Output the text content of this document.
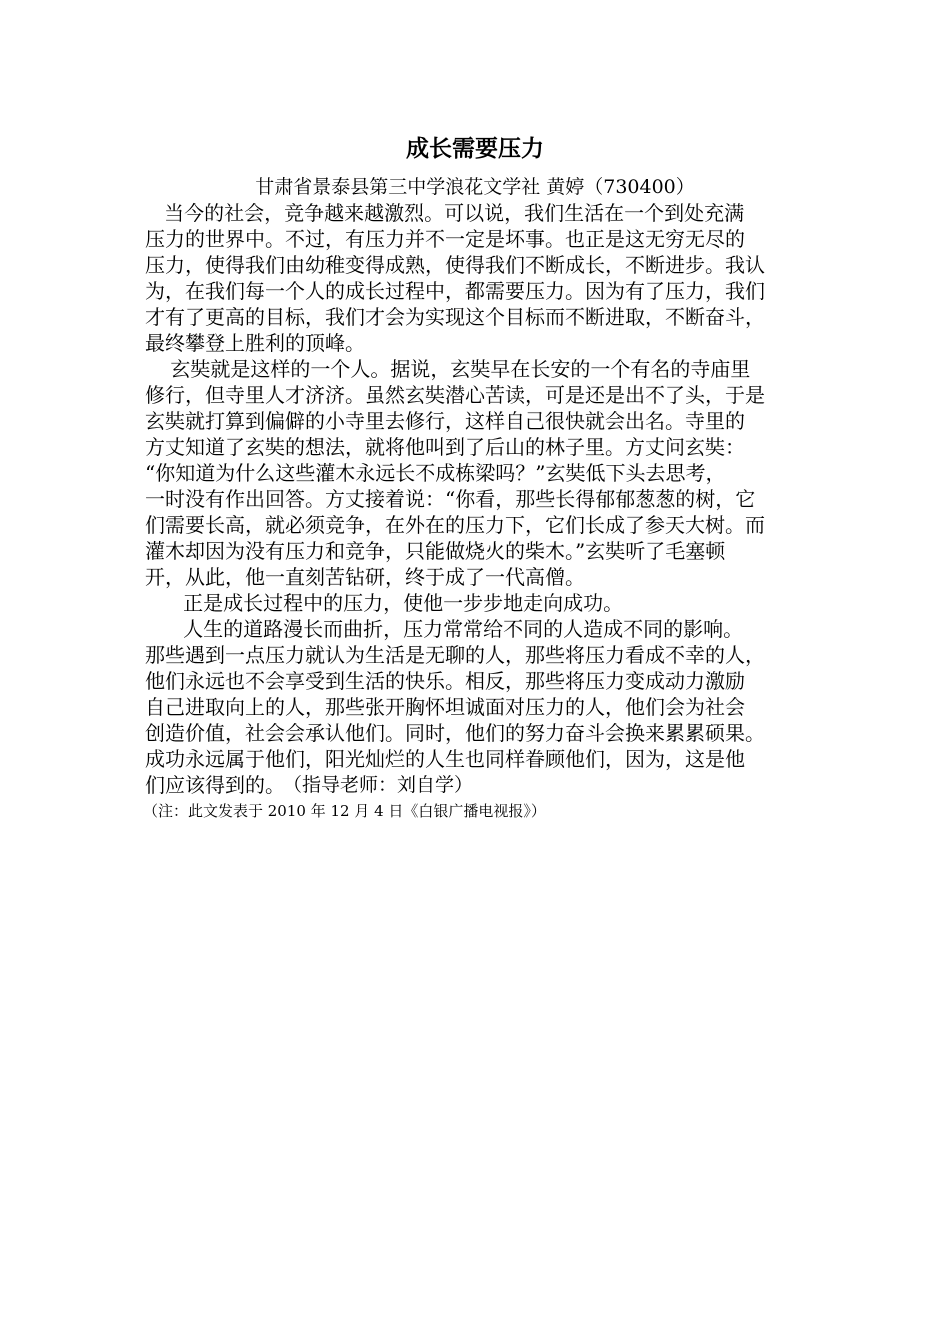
成长需要压力
甘肃省景泰县第三中学浪花文学社 黄婷（730400）
当今的社会，竞争越来越激烈。可以说，我们生活在一个到处充满
压力的世界中。不过，有压力并不一定是坏事。也正是这无穷无尽的
压力，使得我们由幼稚变得成熟，使得我们不断成长，不断进步。我认
为，在我们每一个人的成长过程中，都需要压力。因为有了压力，我们
才有了更高的目标，我们才会为实现这个目标而不断进取，不断奋斗，
最终攀登上胜利的顶峰。
玄奘就是这样的一个人。据说，玄奘早在长安的一个有名的寺庙里
修行，但寺里人才济济。虽然玄奘潜心苦读，可是还是出不了头，于是
玄奘就打算到偏僻的小寺里去修行，这样自己很快就会出名。寺里的
方丈知道了玄奘的想法，就将他叫到了后山的林子里。方丈问玄奘：
“你知道为什么这些灌木永远长不成栋梁吗？”玄奘低下头去思考，
一时没有作出回答。方丈接着说：“你看，那些长得郁郁葱葱的树，它
们需要长高，就必须竞争，在外在的压力下，它们长成了参天大树。而
灌木却因为没有压力和竞争，只能做烧火的柴木。”玄奘听了毛塞顿
开，从此，他一直刻苦钻研，终于成了一代高僧。
正是成长过程中的压力，使他一步步地走向成功。
人生的道路漫长而曲折，压力常常给不同的人造成不同的影响。
那些遇到一点压力就认为生活是无聊的人，那些将压力看成不幸的人，
他们永远也不会享受到生活的快乐。相反，那些将压力变成动力激励
自己进取向上的人，那些张开胸怀坦诚面对压力的人，他们会为社会
创造价值，社会会承认他们。同时，他们的努力奋斗会换来累累硕果。
成功永远属于他们，阳光灿烂的人生也同样眷顾他们，因为，这是他
们应该得到的。
（指导老师：刘自学）
（注：此文发表于 2010 年 12 月 4 日《白银广播电视报》）
